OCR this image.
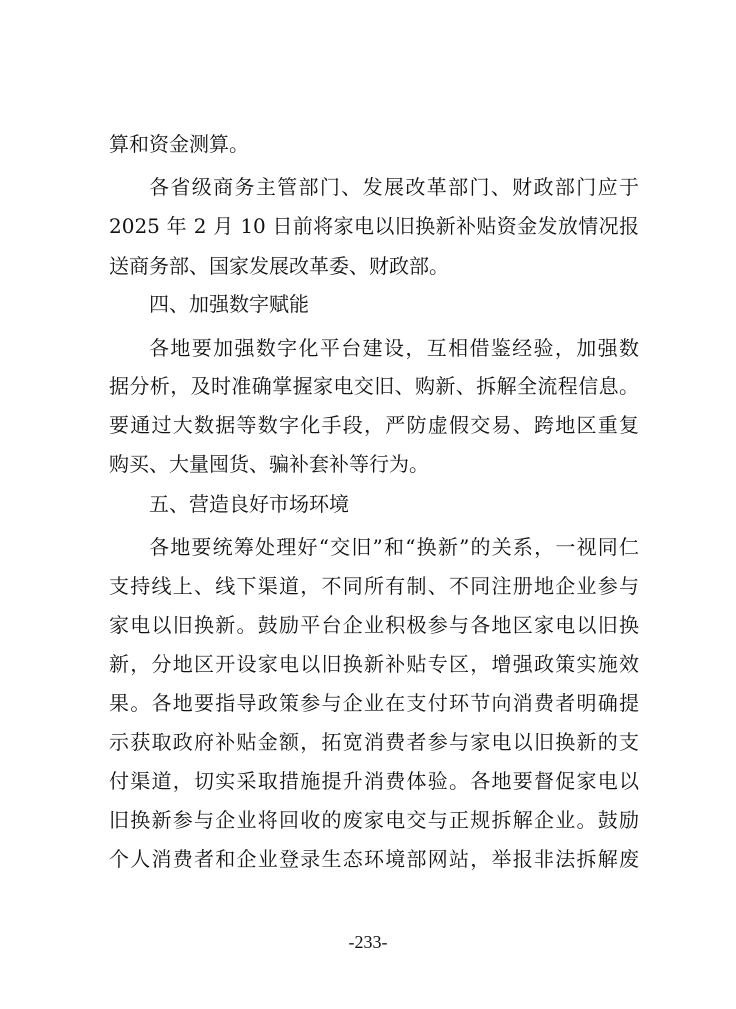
算和资金测算。
各省级商务主管部门、发展改革部门、财政部门应于
2025 年 2 月 10 日前将家电以旧换新补贴资金发放情况报
送商务部、国家发展改革委、财政部。
四、加强数字赋能
各地要加强数字化平台建设，互相借鉴经验，加强数
据分析，及时准确掌握家电交旧、购新、拆解全流程信息。
要通过大数据等数字化手段，严防虚假交易、跨地区重复
购买、大量囤货、骗补套补等行为。
五、营造良好市场环境
各地要统筹处理好“交旧”和“换新”的关系，一视同仁
支持线上、线下渠道，不同所有制、不同注册地企业参与
家电以旧换新。鼓励平台企业积极参与各地区家电以旧换
新，分地区开设家电以旧换新补贴专区，增强政策实施效
果。各地要指导政策参与企业在支付环节向消费者明确提
示获取政府补贴金额，拓宽消费者参与家电以旧换新的支
付渠道，切实采取措施提升消费体验。各地要督促家电以
旧换新参与企业将回收的废家电交与正规拆解企业。鼓励
个人消费者和企业登录生态环境部网站，举报非法拆解废
-233-
